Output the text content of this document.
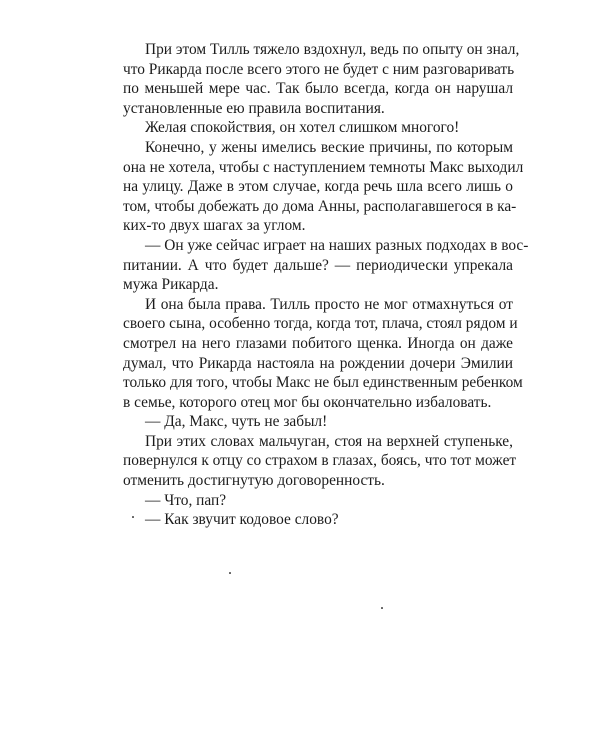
При этом Тилль тяжело вздохнул, ведь по опыту он знал,
что Рикарда после всего этого не будет с ним разговаривать
по меньшей мере час. Так было всегда, когда он нарушал
установленные ею правила воспитания.
Желая спокойствия, он хотел слишком многого!
Конечно, у жены имелись веские причины, по которым
она не хотела, чтобы с наступлением темноты Макс выходил
на улицу. Даже в этом случае, когда речь шла всего лишь о
том, чтобы добежать до дома Анны, располагавшегося в ка-
ких-то двух шагах за углом.
— Он уже сейчас играет на наших разных подходах в вос-
питании. А что будет дальше? — периодически упрекала
мужа Рикарда.
И она была права. Тилль просто не мог отмахнуться от
своего сына, особенно тогда, когда тот, плача, стоял рядом и
смотрел на него глазами побитого щенка. Иногда он даже
думал, что Рикарда настояла на рождении дочери Эмилии
только для того, чтобы Макс не был единственным ребенком
в семье, которого отец мог бы окончательно избаловать.
— Да, Макс, чуть не забыл!
При этих словах мальчуган, стоя на верхней ступеньке,
повернулся к отцу со страхом в глазах, боясь, что тот может
отменить достигнутую договоренность.
— Что, пап?
— Как звучит кодовое слово?
